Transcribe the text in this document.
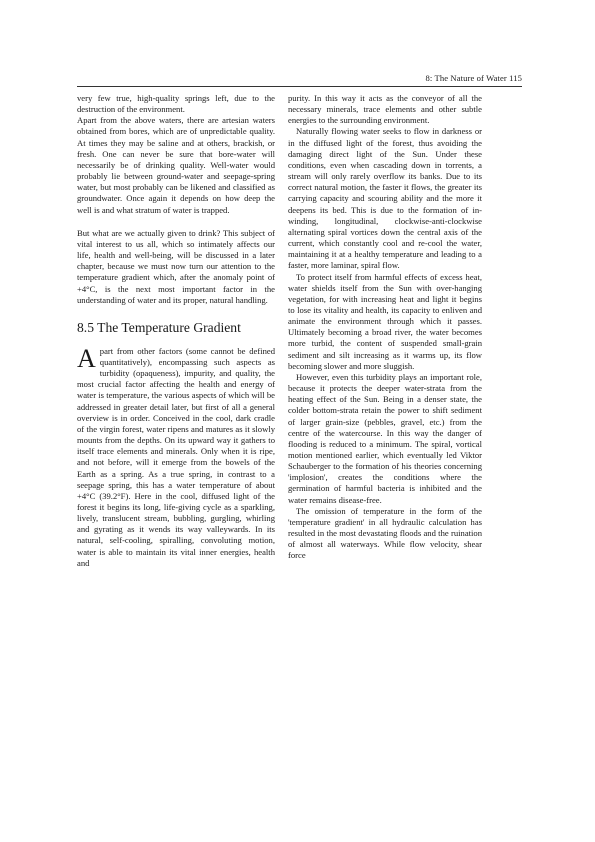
8: The Nature of Water 115

very few true, high-quality springs left, due to the destruction of the environment.

Apart from the above waters, there are artesian waters obtained from bores, which are of unpredictable quality. At times they may be saline and at others, brackish, or fresh. One can never be sure that bore-water will necessarily be of drinking quality. Well-water would probably lie between ground-water and seepage-spring water, but most probably can be likened and classified as groundwater. Once again it depends on how deep the well is and what stratum of water is trapped.

But what are we actually given to drink? This subject of vital interest to us all, which so intimately affects our life, health and well-being, will be discussed in a later chapter, because we must now turn our attention to the temperature gradient which, after the anomaly point of +4°C, is the next most important factor in the understanding of water and its proper, natural handling.

8.5 The Temperature Gradient

Apart from other factors (some cannot be defined quantitatively), encompassing such aspects as turbidity (opaqueness), impurity, and quality, the most crucial factor affecting the health and energy of water is temperature, the various aspects of which will be addressed in greater detail later, but first of all a general overview is in order. Conceived in the cool, dark cradle of the virgin forest, water ripens and matures as it slowly mounts from the depths. On its upward way it gathers to itself trace elements and minerals. Only when it is ripe, and not before, will it emerge from the bowels of the Earth as a spring. As a true spring, in contrast to a seepage spring, this has a water temperature of about +4°C (39.2°F). Here in the cool, diffused light of the forest it begins its long, life-giving cycle as a sparkling, lively, translucent stream, bubbling, gurgling, whirling and gyrating as it wends its way valleywards. In its natural, self-cooling, spiralling, convoluting motion, water is able to maintain its vital inner energies, health and

purity. In this way it acts as the conveyor of all the necessary minerals, trace elements and other subtle energies to the surrounding environment.

Naturally flowing water seeks to flow in darkness or in the diffused light of the forest, thus avoiding the damaging direct light of the Sun. Under these conditions, even when cascading down in torrents, a stream will only rarely overflow its banks. Due to its correct natural motion, the faster it flows, the greater its carrying capacity and scouring ability and the more it deepens its bed. This is due to the formation of in-winding, longitudinal, clockwise-anti-clockwise alternating spiral vortices down the central axis of the current, which constantly cool and re-cool the water, maintaining it at a healthy temperature and leading to a faster, more laminar, spiral flow.

To protect itself from harmful effects of excess heat, water shields itself from the Sun with over-hanging vegetation, for with increasing heat and light it begins to lose its vitality and health, its capacity to enliven and animate the environment through which it passes. Ultimately becoming a broad river, the water becomes more turbid, the content of suspended small-grain sediment and silt increasing as it warms up, its flow becoming slower and more sluggish.

However, even this turbidity plays an important role, because it protects the deeper water-strata from the heating effect of the Sun. Being in a denser state, the colder bottom-strata retain the power to shift sediment of larger grain-size (pebbles, gravel, etc.) from the centre of the watercourse. In this way the danger of flooding is reduced to a minimum. The spiral, vortical motion mentioned earlier, which eventually led Viktor Schauberger to the formation of his theories concerning 'implosion', creates the conditions where the germination of harmful bacteria is inhibited and the water remains disease-free.

The omission of temperature in the form of the 'temperature gradient' in all hydraulic calculation has resulted in the most devastating floods and the ruination of almost all waterways. While flow velocity, shear force
